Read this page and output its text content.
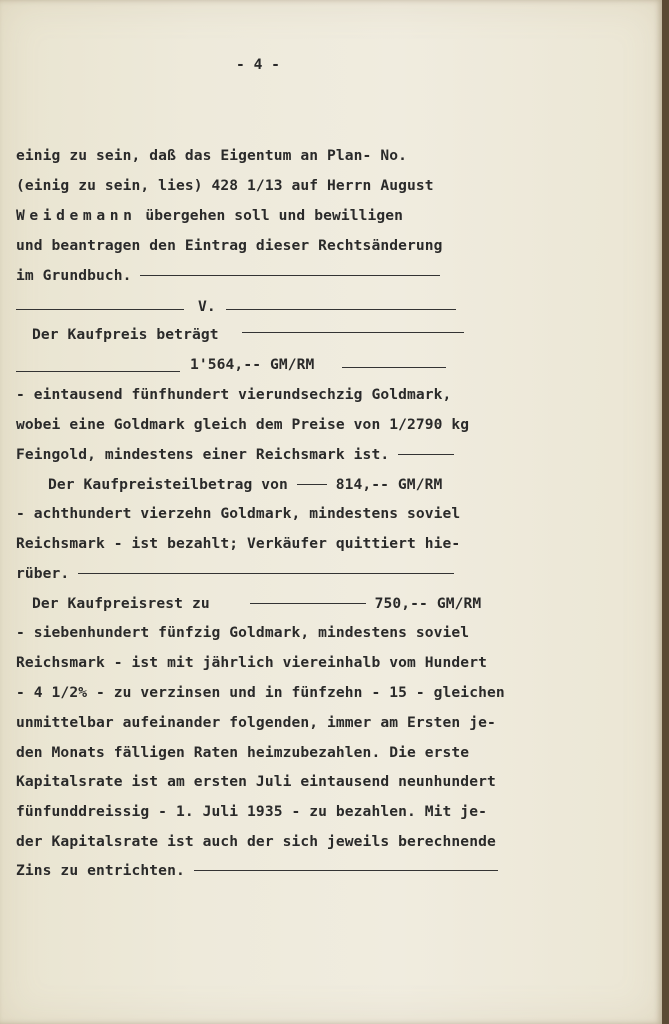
- 4 -
einig zu sein, daß das Eigentum an Plan- No.
(einig zu sein, lies) 428 1/13 auf Herrn August
Weidemann übergehen soll und bewilligen
und beantragen den Eintrag dieser Rechtsänderung
im Grundbuch.
V.
Der Kaufpreis beträgt
1'564,-- GM/RM
- eintausend fünfhundert vierundsechzig Goldmark,
wobei eine Goldmark gleich dem Preise von 1/2790 kg
Feingold, mindestens einer Reichsmark ist.
Der Kaufpreisteilbetrag von	814,-- GM/RM
- achthundert vierzehn Goldmark, mindestens soviel
Reichsmark - ist bezahlt; Verkäufer quittiert hie-
rüber.
Der Kaufpreisrest zu	750,-- GM/RM
- siebenhundert fünfzig Goldmark, mindestens soviel
Reichsmark - ist mit jährlich viereinhalb vom Hundert
- 4 1/2% - zu verzinsen und in fünfzehn - 15 - gleichen
unmittelbar aufeinander folgenden, immer am Ersten je-
den Monats fälligen Raten heimzubezahlen. Die erste
Kapitalsrate ist am ersten Juli eintausend neunhundert
fünfunddreissig - 1. Juli 1935 - zu bezahlen. Mit je-
der Kapitalsrate ist auch der sich jeweils berechnende
Zins zu entrichten.
